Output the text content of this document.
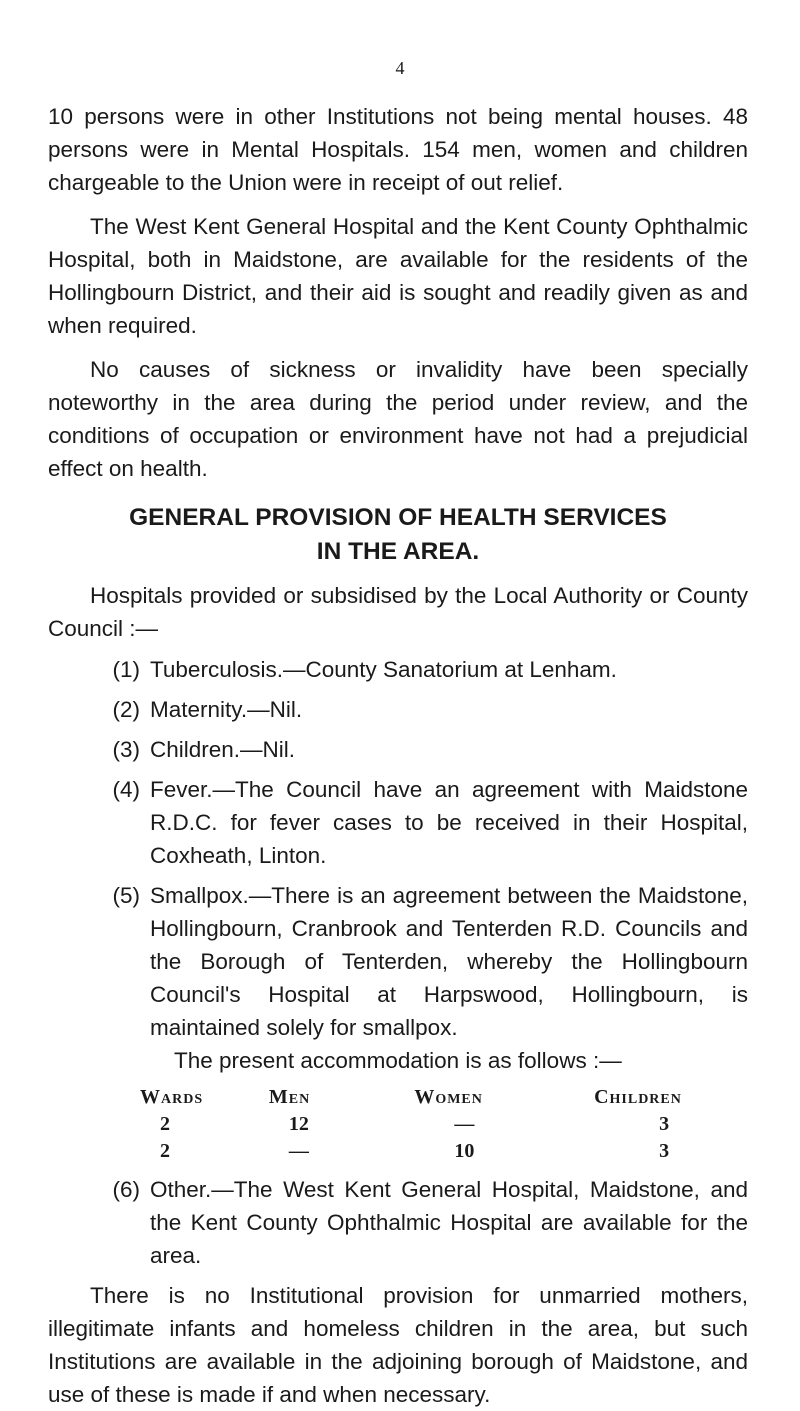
4

10 persons were in other Institutions not being mental houses. 48 persons were in Mental Hospitals. 154 men, women and children chargeable to the Union were in receipt of out relief.

The West Kent General Hospital and the Kent County Ophthalmic Hospital, both in Maidstone, are available for the residents of the Hollingbourn District, and their aid is sought and readily given as and when required.

No causes of sickness or invalidity have been specially noteworthy in the area during the period under review, and the conditions of occupation or environment have not had a prejudicial effect on health.

GENERAL PROVISION OF HEALTH SERVICES
IN THE AREA.

Hospitals provided or subsidised by the Local Authority or County Council :—

(1) Tuberculosis.—County Sanatorium at Lenham.
(2) Maternity.—Nil.
(3) Children.—Nil.
(4) Fever.—The Council have an agreement with Maidstone R.D.C. for fever cases to be received in their Hospital, Coxheath, Linton.
(5) Smallpox.—There is an agreement between the Maidstone, Hollingbourn, Cranbrook and Tenterden R.D. Councils and the Borough of Tenterden, whereby the Hollingbourn Council's Hospital at Harpswood, Hollingbourn, is maintained solely for smallpox.
The present accommodation is as follows :—
Wards	Men	Women	Children
2	12	—	3
2	—	10	3
(6) Other.—The West Kent General Hospital, Maidstone, and the Kent County Ophthalmic Hospital are available for the area.

There is no Institutional provision for unmarried mothers, illegitimate infants and homeless children in the area, but such Institutions are available in the adjoining borough of Maidstone, and use of these is made if and when necessary.
